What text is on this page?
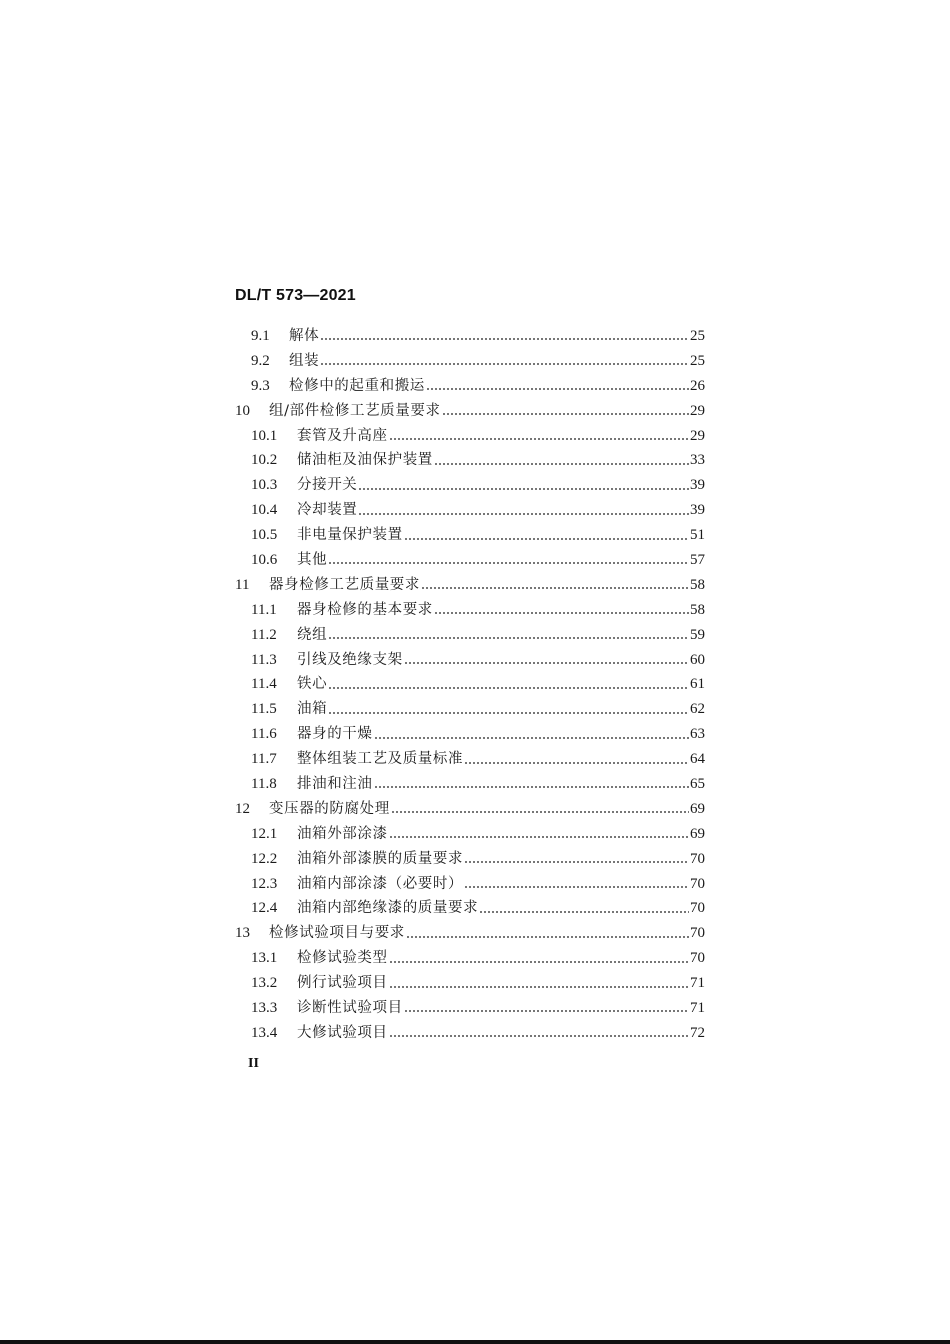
DL/T 573—2021
9.1	解体	25
9.2	组装	25
9.3	检修中的起重和搬运	26
10	组/部件检修工艺质量要求	29
10.1	套管及升高座	29
10.2	储油柜及油保护装置	33
10.3	分接开关	39
10.4	冷却装置	39
10.5	非电量保护装置	51
10.6	其他	57
11	器身检修工艺质量要求	58
11.1	器身检修的基本要求	58
11.2	绕组	59
11.3	引线及绝缘支架	60
11.4	铁心	61
11.5	油箱	62
11.6	器身的干燥	63
11.7	整体组装工艺及质量标准	64
11.8	排油和注油	65
12	变压器的防腐处理	69
12.1	油箱外部涂漆	69
12.2	油箱外部漆膜的质量要求	70
12.3	油箱内部涂漆（必要时）	70
12.4	油箱内部绝缘漆的质量要求	70
13	检修试验项目与要求	70
13.1	检修试验类型	70
13.2	例行试验项目	71
13.3	诊断性试验项目	71
13.4	大修试验项目	72
II
